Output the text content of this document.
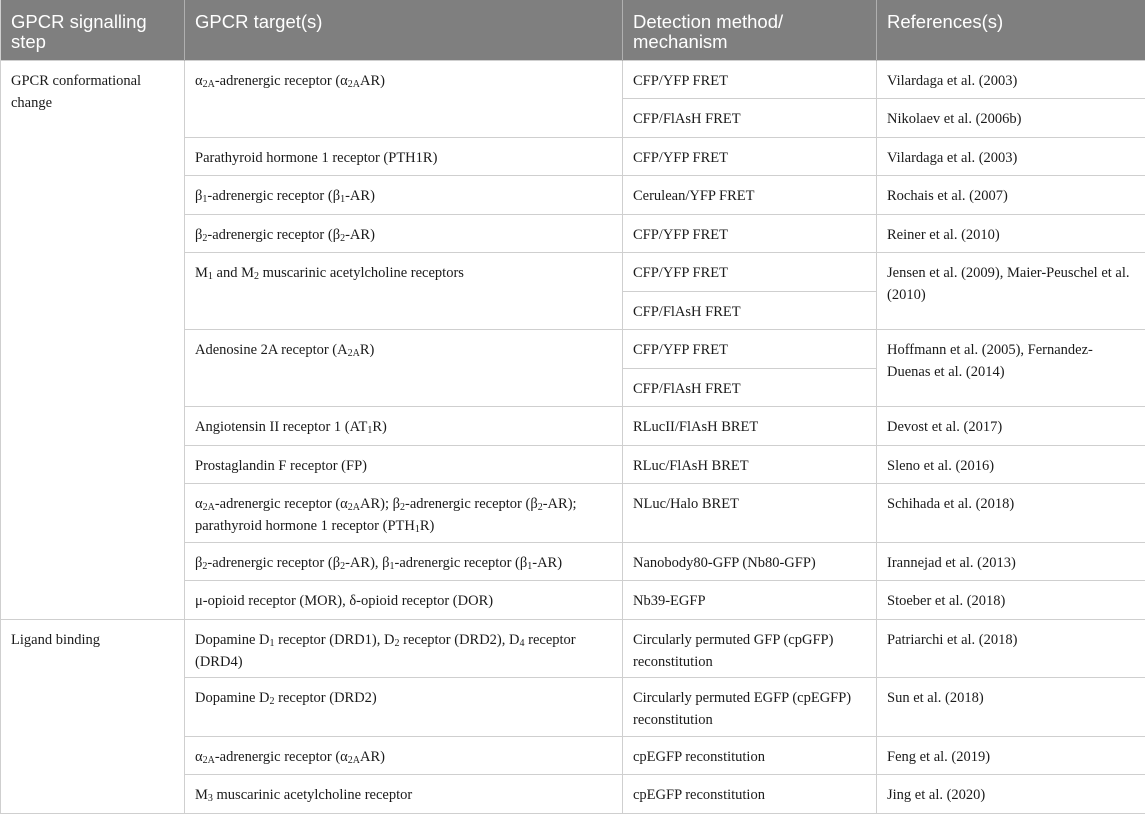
GPCR signalling step	GPCR target(s)	Detection method/ mechanism	References(s)
GPCR conformational change	$\alpha_{2A}$-adrenergic receptor $(\alpha_{2A}AR)$	CFP/YFP FRET	Vilardaga et al. (2003)
		CFP/FlAsH FRET	Nikolaev et al. (2006b)
	Parathyroid hormone 1 receptor (PTH1R)	CFP/YFP FRET	Vilardaga et al. (2003)
	$\beta_1$-adrenergic receptor $(\beta_1-AR)$	Cerulean/YFP FRET	Rochais et al. (2007)
	$\beta_2$-adrenergic receptor $(\beta_2-AR)$	CFP/YFP FRET	Reiner et al. (2010)
	$M_1$ and $M_2$ muscarinic acetylcholine receptors	CFP/YFP FRET	Jensen et al. (2009), Maier-Peuschel et al. (2010)
		CFP/FlAsH FRET	
	Adenosine 2A receptor $(A_{2A}R)$	CFP/YFP FRET	Hoffmann et al. (2005), Fernandez-Duenas et al. (2014)
		CFP/FlAsH FRET	
	Angiotensin II receptor 1 $(AT_1R)$	RLucII/FlAsH BRET	Devost et al. (2017)
	Prostaglandin F receptor (FP)	RLuc/FlAsH BRET	Sleno et al. (2016)
	$\alpha_{2A}$-adrenergic receptor $(\alpha_{2A}AR)$; $\beta_2$-adrenergic receptor $(\beta_2-AR)$; parathyroid hormone 1 receptor $(PTH_1R)$	NLuc/Halo BRET	Schihada et al. (2018)
	$\beta_2$-adrenergic receptor $(\beta_2-AR)$, $\beta_1$-adrenergic receptor $(\beta_1-AR)$	Nanobody80-GFP (Nb80-GFP)	Irannejad et al. (2013)
	μ-opioid receptor (MOR), δ-opioid receptor (DOR)	Nb39-EGFP	Stoeber et al. (2018)
Ligand binding	Dopamine $D_1$ receptor (DRD1), $D_2$ receptor (DRD2), $D_4$ receptor (DRD4)	Circularly permuted GFP (cpGFP) reconstitution	Patriarchi et al. (2018)
	Dopamine $D_2$ receptor (DRD2)	Circularly permuted EGFP (cpEGFP) reconstitution	Sun et al. (2018)
	$\alpha_{2A}$-adrenergic receptor $(\alpha_{2A}AR)$	cpEGFP reconstitution	Feng et al. (2019)
	$M_3$ muscarinic acetylcholine receptor	cpEGFP reconstitution	Jing et al. (2020)
